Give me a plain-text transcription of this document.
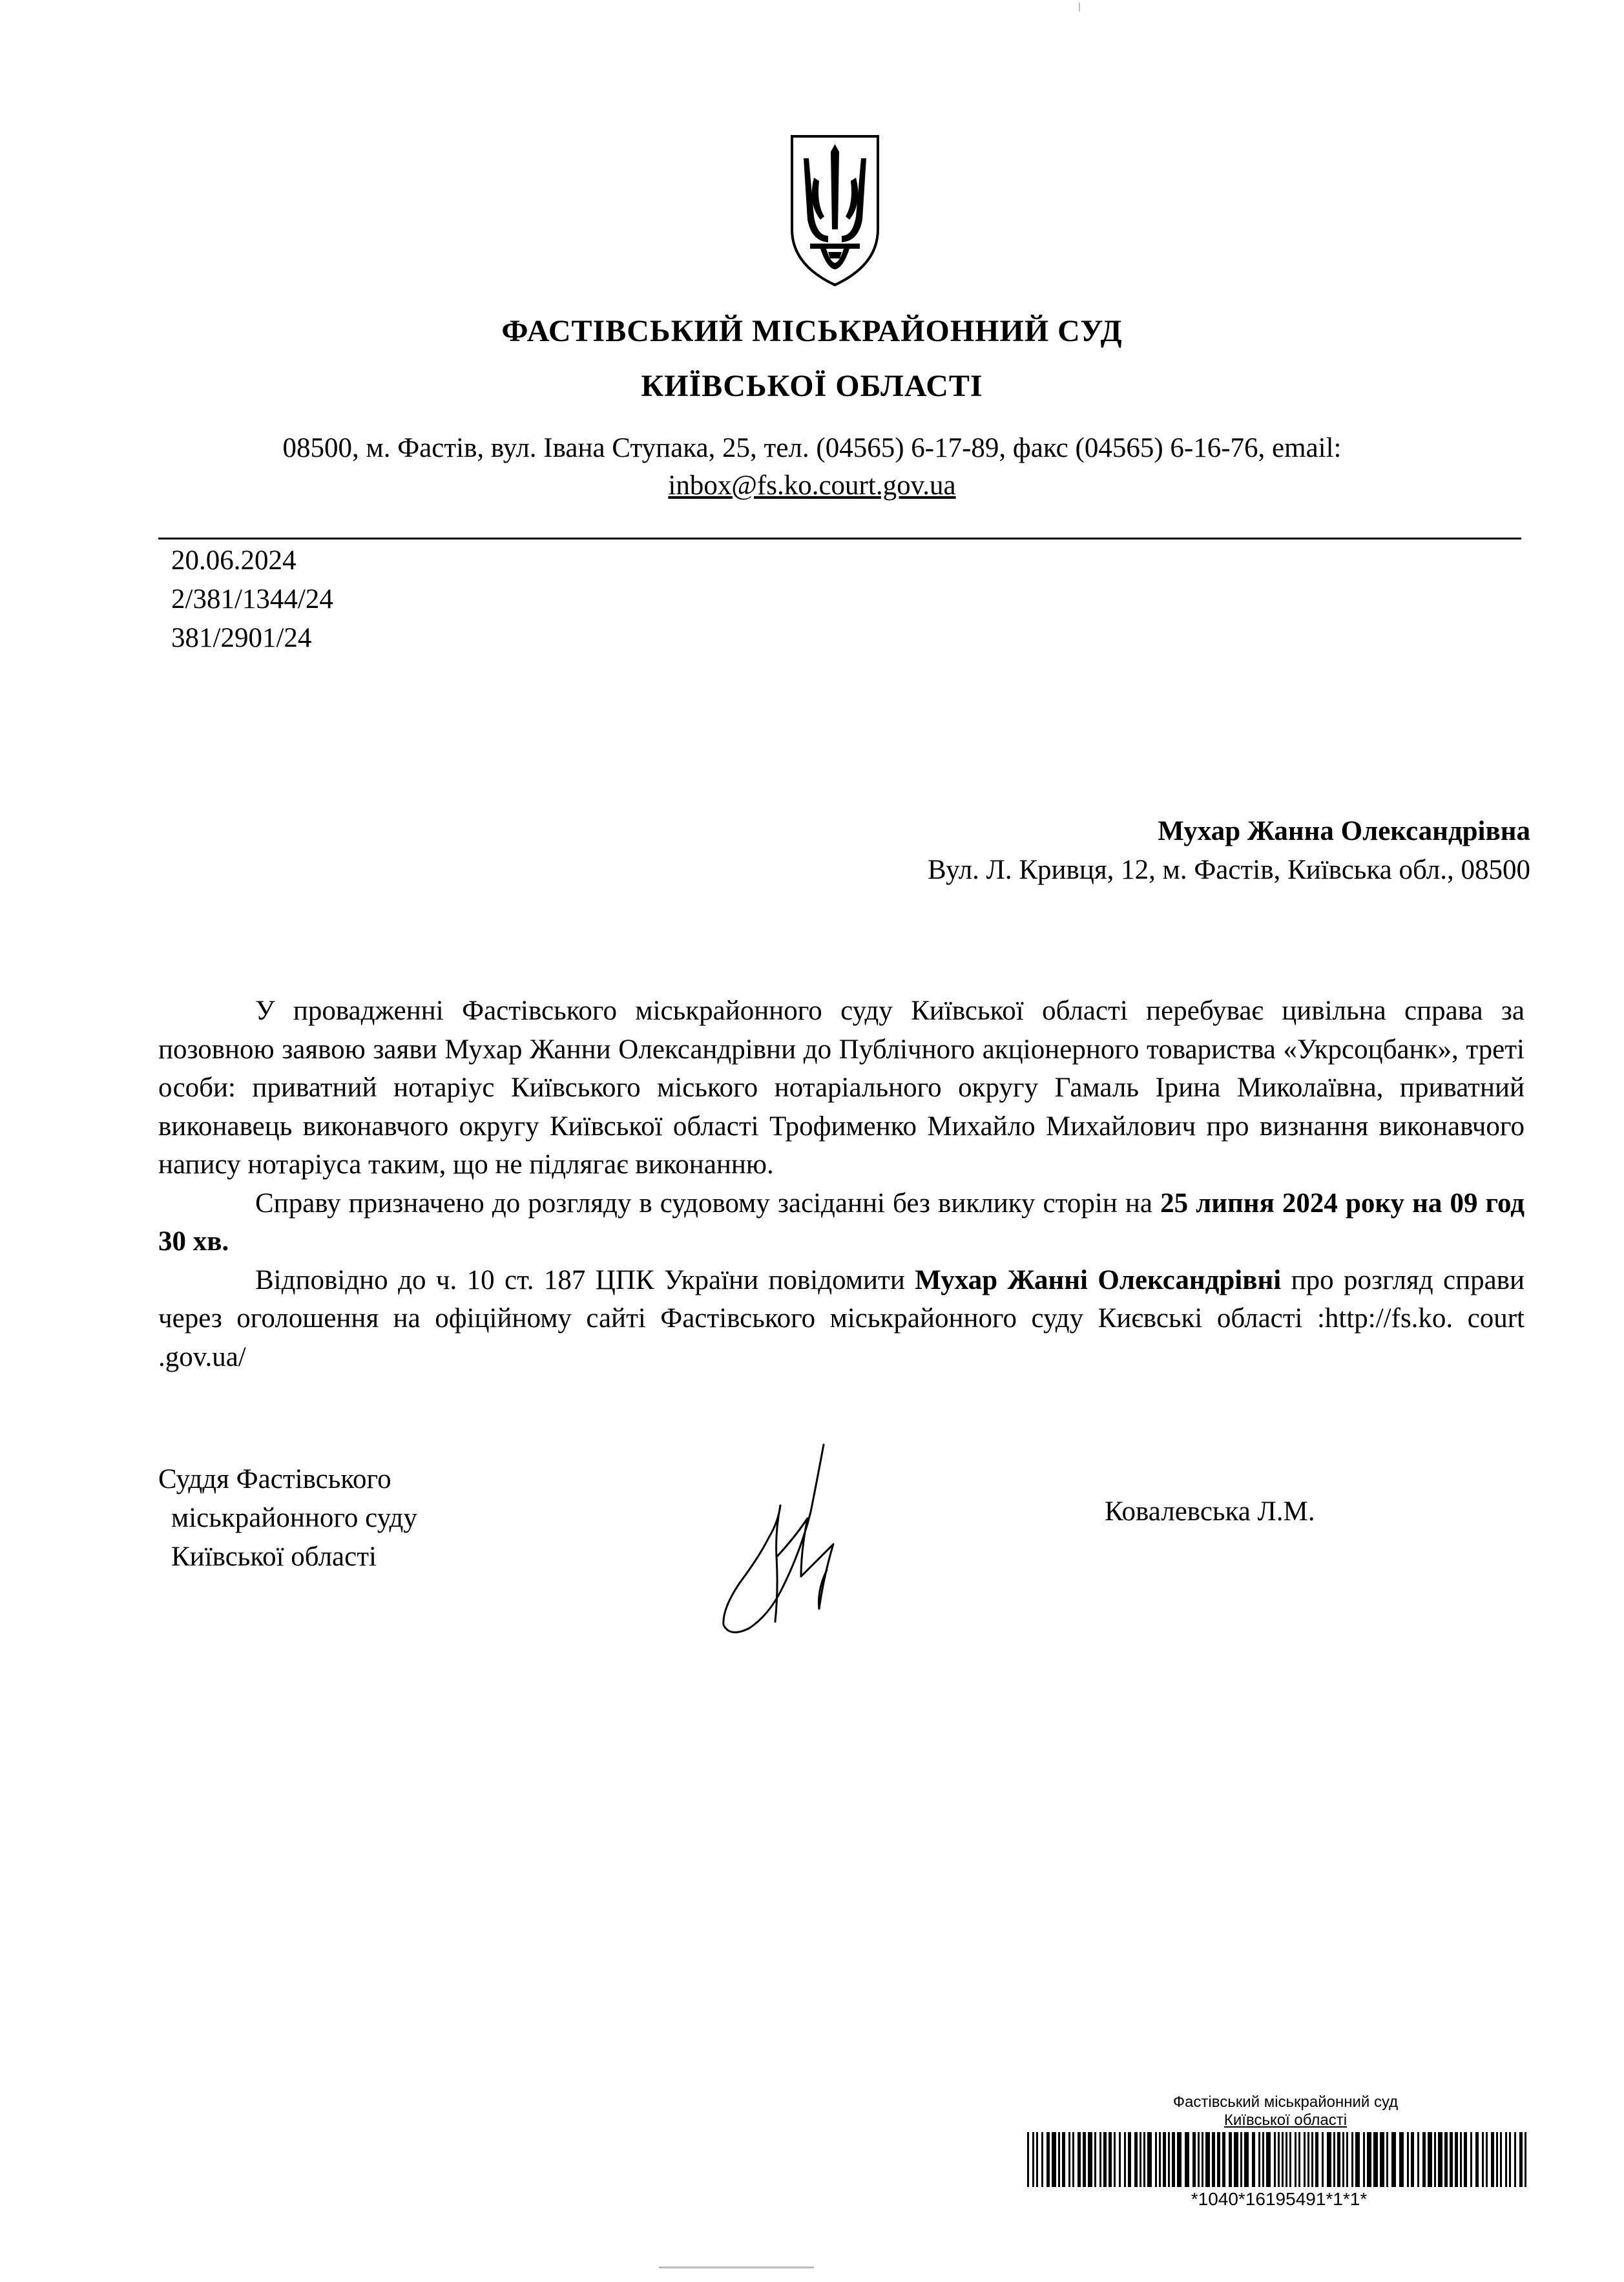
ФАСТІВСЬКИЙ МІСЬКРАЙОННИЙ СУД
КИЇВСЬКОЇ ОБЛАСТІ
08500, м. Фастів, вул. Івана Ступака, 25, тел. (04565) 6-17-89, факс (04565) 6-16-76, email:
inbox@fs.ko.court.gov.ua
20.06.2024
2/381/1344/24
381/2901/24
Мухар Жанна Олександрівна
Вул. Л. Кривця, 12, м. Фастів, Київська обл., 08500

У провадженні Фастівського міськрайонного суду Київської області перебуває цивільна справа за позовною заявою заяви Мухар Жанни Олександрівни до Публічного акціонерного товариства «Укрсоцбанк», треті особи: приватний нотаріус Київського міського нотаріального округу Гамаль Ірина Миколаївна, приватний виконавець виконавчого округу Київської області Трофименко Михайло Михайлович про визнання виконавчого напису нотаріуса таким, що не підлягає виконанню.

Справу призначено до розгляду в судовому засіданні без виклику сторін на 25 липня 2024 року на 09 год 30 хв.

Відповідно до ч. 10 ст. 187 ЦПК України повідомити Мухар Жанні Олександрівні про розгляд справи через оголошення на офіційному сайті Фастівського міськрайонного суду Києвські області :http://fs.ko. court .gov.ua/

Суддя Фастівського
міськрайонного суду
Київської області
Ковалевська Л.М.
Фастівський міськрайонний суд
Київської області
*1040*16195491*1*1*
